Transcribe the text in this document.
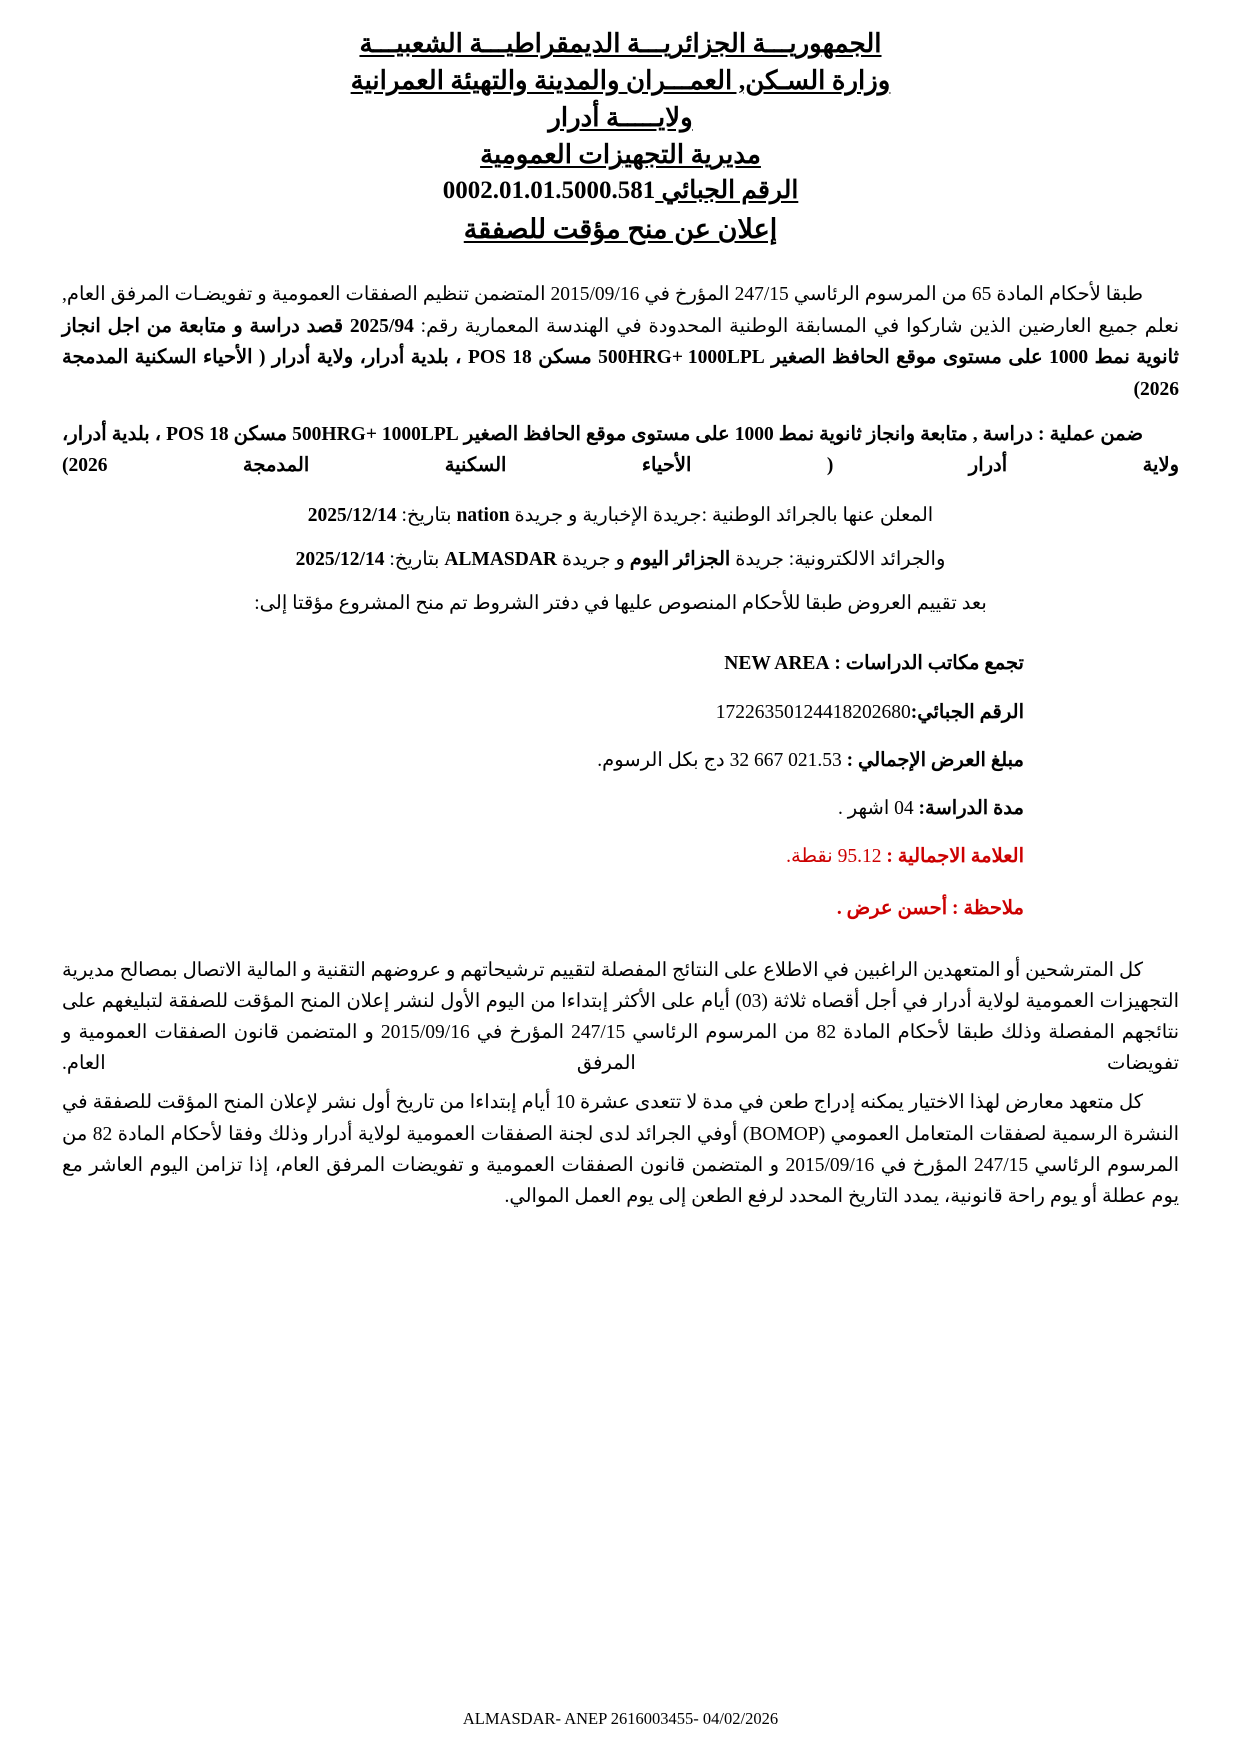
الجمهوريـــة الجزائريـــة الديمقراطيـــة الشعبيـــة
وزارة السـكن, العمـــران والمدينة والتهيئة العمرانية
ولايـــــة أدرار
مديرية التجهيزات العمومية
الرقم الجبائي 0002.01.01.5000.581
إعلان عن منح مؤقت للصفقة

طبقا لأحكام المادة 65 من المرسوم الرئاسي 247/15 المؤرخ في 2015/09/16 المتضمن تنظيم الصفقات العمومية و تفويضـات المرفق العام, نعلم جميع العارضين الذين شاركوا في المسابقة الوطنية المحدودة في الهندسة المعمارية رقم: 2025/94 قصد دراسة و متابعة من اجل انجاز ثانوية نمط 1000 على مستوى موقع الحافظ الصغير 500HRG+ 1000LPL مسكن POS 18 ، بلدية أدرار، ولاية أدرار ( الأحياء السكنية المدمجة 2026)

ضمن عملية : دراسة , متابعة وانجاز ثانوية نمط 1000 على مستوى موقع الحافظ الصغير 500HRG+ 1000LPL مسكن POS 18 ، بلدية أدرار، ولاية أدرار ( الأحياء السكنية المدمجة 2026)

المعلن عنها بالجرائد الوطنية :جريدة الإخبارية و جريدة nation بتاريخ: 2025/12/14

والجرائد الالكترونية: جريدة الجزائر اليوم و جريدة ALMASDAR بتاريخ: 2025/12/14

بعد تقييم العروض طبقا للأحكام المنصوص عليها في دفتر الشروط تم منح المشروع مؤقتا إلى:

تجمع مكاتب الدراسات : NEW AREA
الرقم الجبائي:17226350124418202680
مبلغ العرض الإجمالي : 32 667 021.53 دج بكل الرسوم.
مدة الدراسة: 04 اشهر .
العلامة الاجمالية : 95.12 نقطة.
ملاحظة : أحسن عرض .

كل المترشحين أو المتعهدين الراغبين في الاطلاع على النتائج المفصلة لتقييم ترشيحاتهم و عروضهم التقنية و المالية الاتصال بمصالح مديرية التجهيزات العمومية لولاية أدرار في أجل أقصاه ثلاثة (03) أيام على الأكثر إبتداءا من اليوم الأول لنشر إعلان المنح المؤقت للصفقة لتبليغهم على نتائجهم المفصلة وذلك طبقا لأحكام المادة 82 من المرسوم الرئاسي 247/15 المؤرخ في 2015/09/16 و المتضمن قانون الصفقات العمومية و تفويضات المرفق العام.

كل متعهد معارض لهذا الاختيار يمكنه إدراج طعن في مدة لا تتعدى عشرة 10 أيام إبتداءا من تاريخ أول نشر لإعلان المنح المؤقت للصفقة في النشرة الرسمية لصفقات المتعامل العمومي (BOMOP) أوفي الجرائد لدى لجنة الصفقات العمومية لولاية أدرار وذلك وفقا لأحكام المادة 82 من المرسوم الرئاسي 247/15 المؤرخ في 2015/09/16 و المتضمن قانون الصفقات العمومية و تفويضات المرفق العام، إذا تزامن اليوم العاشر مع يوم عطلة أو يوم راحة قانونية، يمدد التاريخ المحدد لرفع الطعن إلى يوم العمل الموالي.

ALMASDAR- ANEP 2616003455- 04/02/2026
